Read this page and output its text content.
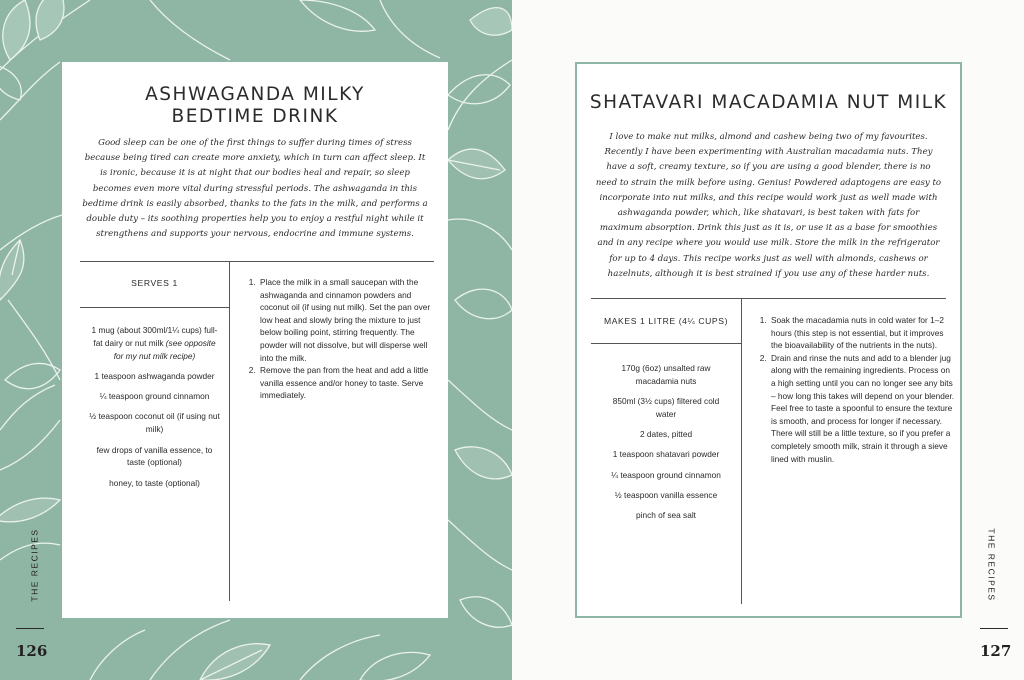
ASHWAGANDA MILKY
BEDTIME DRINK

Good sleep can be one of the first things to suffer during times of stress because being tired can create more anxiety, which in turn can affect sleep. It is ironic, because it is at night that our bodies heal and repair, so sleep becomes even more vital during stressful periods. The ashwaganda in this bedtime drink is easily absorbed, thanks to the fats in the milk, and performs a double duty – its soothing properties help you to enjoy a restful night while it strengthens and supports your nervous, endocrine and immune systems.

SERVES 1

1 mug (about 300ml/1¼ cups) full-fat dairy or nut milk (see opposite for my nut milk recipe)
1 teaspoon ashwaganda powder
¼ teaspoon ground cinnamon
½ teaspoon coconut oil (if using nut milk)
few drops of vanilla essence, to taste (optional)
honey, to taste (optional)
1. Place the milk in a small saucepan with the ashwaganda and cinnamon powders and coconut oil (if using nut milk). Set the pan over low heat and slowly bring the mixture to just below boiling point, stirring frequently. The powder will not dissolve, but will disperse well into the milk.
2. Remove the pan from the heat and add a little vanilla essence and/or honey to taste. Serve immediately.
THE RECIPES
126
SHATAVARI MACADAMIA NUT MILK

I love to make nut milks, almond and cashew being two of my favourites. Recently I have been experimenting with Australian macadamia nuts. They have a soft, creamy texture, so if you are using a good blender, there is no need to strain the milk before using. Genius! Powdered adaptogens are easy to incorporate into nut milks, and this recipe would work just as well made with ashwaganda powder, which, like shatavari, is best taken with fats for maximum absorption. Drink this just as it is, or use it as a base for smoothies and in any recipe where you would use milk. Store the milk in the refrigerator for up to 4 days. This recipe works just as well with almonds, cashews or hazelnuts, although it is best strained if you use any of these harder nuts.

MAKES 1 LITRE (4¼ CUPS)

170g (6oz) unsalted raw macadamia nuts
850ml (3½ cups) filtered cold water
2 dates, pitted
1 teaspoon shatavari powder
¼ teaspoon ground cinnamon
½ teaspoon vanilla essence
pinch of sea salt
1. Soak the macadamia nuts in cold water for 1–2 hours (this step is not essential, but it improves the bioavailability of the nutrients in the nuts).
2. Drain and rinse the nuts and add to a blender jug along with the remaining ingredients. Process on a high setting until you can no longer see any bits – how long this takes will depend on your blender. Feel free to taste a spoonful to ensure the texture is smooth, and process for longer if necessary. There will still be a little texture, so if you prefer a completely smooth milk, strain it through a sieve lined with muslin.
THE RECIPES
127
